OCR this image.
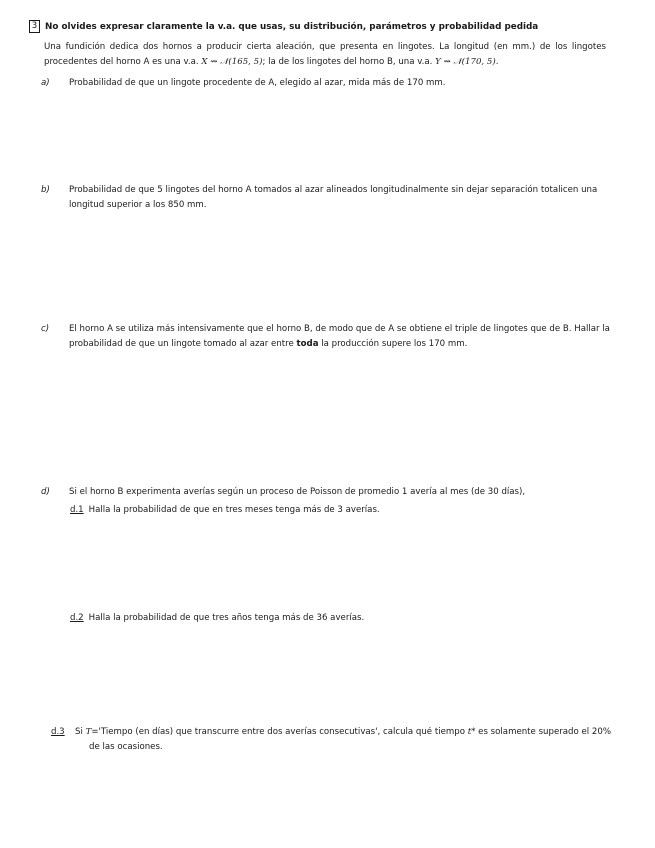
3 No olvides expresar claramente la v.a. que usas, su distribución, parámetros y probabilidad pedida
Una fundición dedica dos hornos a producir cierta aleación, que presenta en lingotes. La longitud (en mm.) de los lingotes procedentes del horno A es una v.a. X ⇝ 𝒩(165, 5); la de los lingotes del horno B, una v.a. Y ⇝ 𝒩(170, 5).
a) Probabilidad de que un lingote procedente de A, elegido al azar, mida más de 170 mm.
b) Probabilidad de que 5 lingotes del horno A tomados al azar alineados longitudinalmente sin dejar separación totalicen una longitud superior a los 850 mm.
c) El horno A se utiliza más intensivamente que el horno B, de modo que de A se obtiene el triple de lingotes que de B. Hallar la probabilidad de que un lingote tomado al azar entre toda la producción supere los 170 mm.
d) Si el horno B experimenta averías según un proceso de Poisson de promedio 1 avería al mes (de 30 días),
d.1 Halla la probabilidad de que en tres meses tenga más de 3 averías.
d.2 Halla la probabilidad de que tres años tenga más de 36 averías.
d.3 Si T='Tiempo (en días) que transcurre entre dos averías consecutivas', calcula qué tiempo t* es solamente superado el 20% de las ocasiones.
